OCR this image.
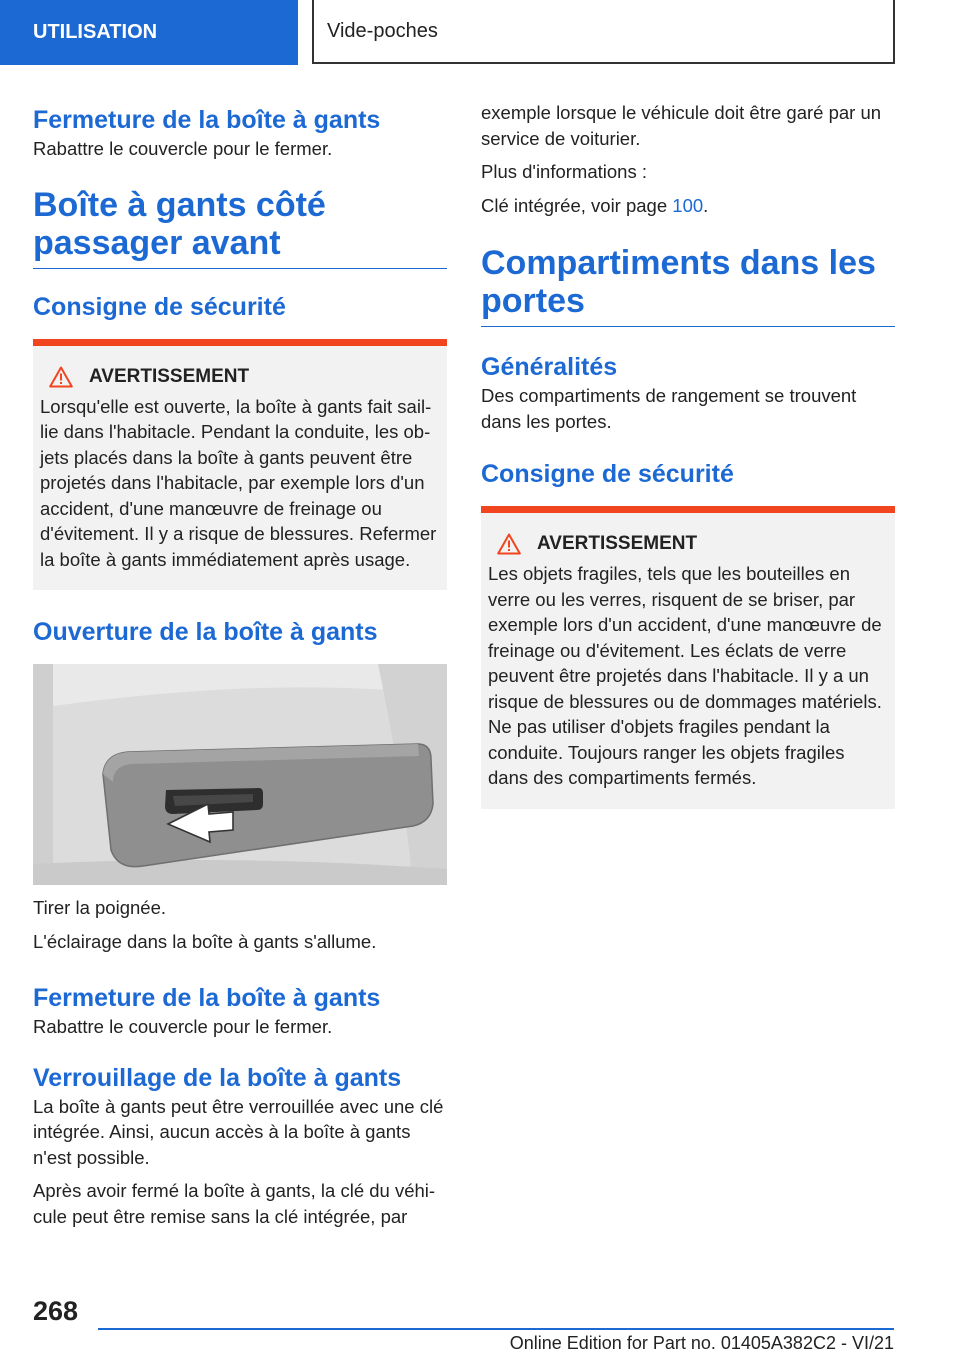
UTILISATION	Vide-poches
Fermeture de la boîte à gants

Rabattre le couvercle pour le fermer.

Boîte à gants côté passager avant
Consigne de sécurité
AVERTISSEMENT

Lorsqu'elle est ouverte, la boîte à gants fait saillie dans l'habitacle. Pendant la conduite, les objets placés dans la boîte à gants peuvent être projetés dans l'habitacle, par exemple lors d'un accident, d'une manœuvre de freinage ou d'évitement. Il y a risque de blessures. Refermer la boîte à gants immédiatement après usage.

Ouverture de la boîte à gants

Tirer la poignée.

L'éclairage dans la boîte à gants s'allume.

Fermeture de la boîte à gants

Rabattre le couvercle pour le fermer.

Verrouillage de la boîte à gants

La boîte à gants peut être verrouillée avec une clé intégrée. Ainsi, aucun accès à la boîte à gants n'est possible.

Après avoir fermé la boîte à gants, la clé du véhicule peut être remise sans la clé intégrée, par

exemple lorsque le véhicule doit être garé par un service de voiturier.

Plus d'informations :

Clé intégrée, voir page 100.

Compartiments dans les portes
Généralités

Des compartiments de rangement se trouvent dans les portes.

Consigne de sécurité
AVERTISSEMENT

Les objets fragiles, tels que les bouteilles en verre ou les verres, risquent de se briser, par exemple lors d'un accident, d'une manœuvre de freinage ou d'évitement. Les éclats de verre peuvent être projetés dans l'habitacle. Il y a un risque de blessures ou de dommages matériels. Ne pas utiliser d'objets fragiles pendant la conduite. Toujours ranger les objets fragiles dans des compartiments fermés.

268
Online Edition for Part no. 01405A382C2 - VI/21
